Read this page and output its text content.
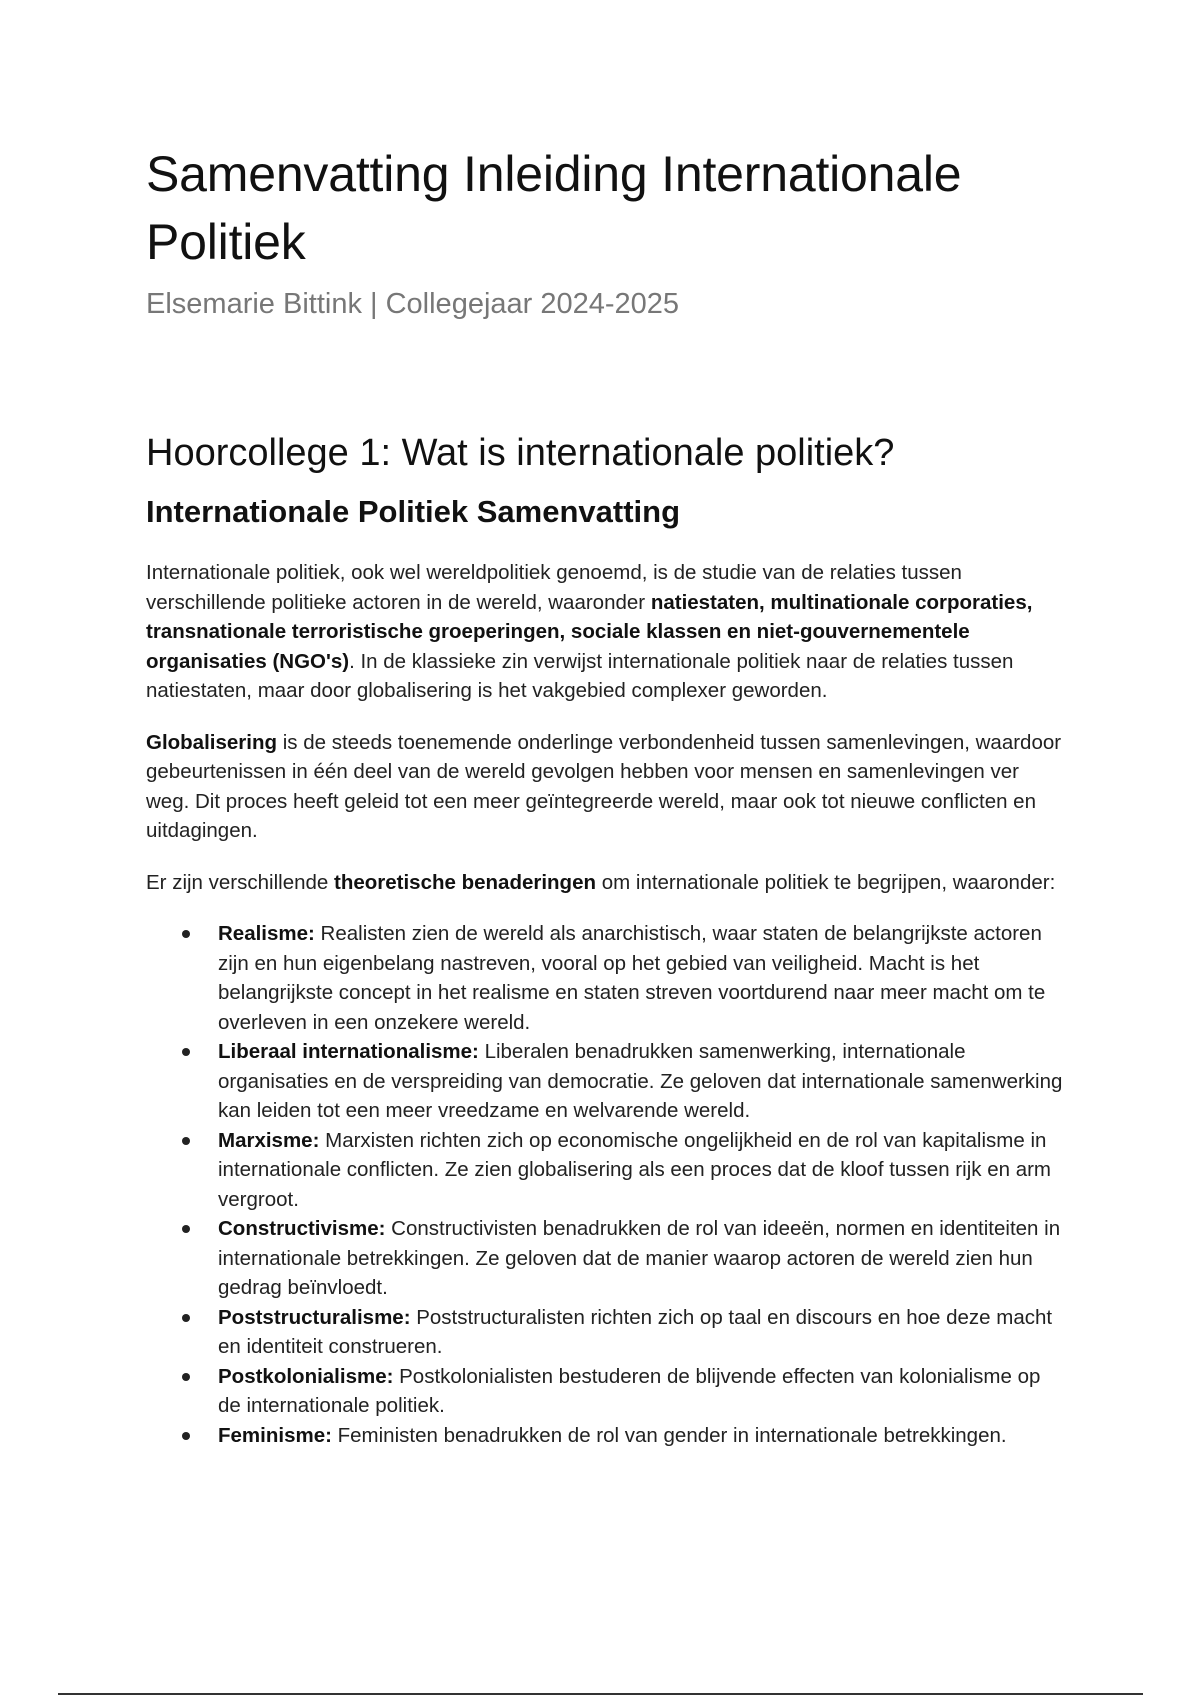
Samenvatting Inleiding Internationale Politiek
Elsemarie Bittink | Collegejaar 2024-2025
Hoorcollege 1: Wat is internationale politiek?
Internationale Politiek Samenvatting

Internationale politiek, ook wel wereldpolitiek genoemd, is de studie van de relaties tussen verschillende politieke actoren in de wereld, waaronder natiestaten, multinationale corporaties, transnationale terroristische groeperingen, sociale klassen en niet-gouvernementele organisaties (NGO's). In de klassieke zin verwijst internationale politiek naar de relaties tussen natiestaten, maar door globalisering is het vakgebied complexer geworden.

Globalisering is de steeds toenemende onderlinge verbondenheid tussen samenlevingen, waardoor gebeurtenissen in één deel van de wereld gevolgen hebben voor mensen en samenlevingen ver weg. Dit proces heeft geleid tot een meer geïntegreerde wereld, maar ook tot nieuwe conflicten en uitdagingen.

Er zijn verschillende theoretische benaderingen om internationale politiek te begrijpen, waaronder:

Realisme: Realisten zien de wereld als anarchistisch, waar staten de belangrijkste actoren zijn en hun eigenbelang nastreven, vooral op het gebied van veiligheid. Macht is het belangrijkste concept in het realisme en staten streven voortdurend naar meer macht om te overleven in een onzekere wereld.
Liberaal internationalisme: Liberalen benadrukken samenwerking, internationale organisaties en de verspreiding van democratie. Ze geloven dat internationale samenwerking kan leiden tot een meer vreedzame en welvarende wereld.
Marxisme: Marxisten richten zich op economische ongelijkheid en de rol van kapitalisme in internationale conflicten. Ze zien globalisering als een proces dat de kloof tussen rijk en arm vergroot.
Constructivisme: Constructivisten benadrukken de rol van ideeën, normen en identiteiten in internationale betrekkingen. Ze geloven dat de manier waarop actoren de wereld zien hun gedrag beïnvloedt.
Poststructuralisme: Poststructuralisten richten zich op taal en discours en hoe deze macht en identiteit construeren.
Postkolonialisme: Postkolonialisten bestuderen de blijvende effecten van kolonialisme op de internationale politiek.
Feminisme: Feministen benadrukken de rol van gender in internationale betrekkingen.
